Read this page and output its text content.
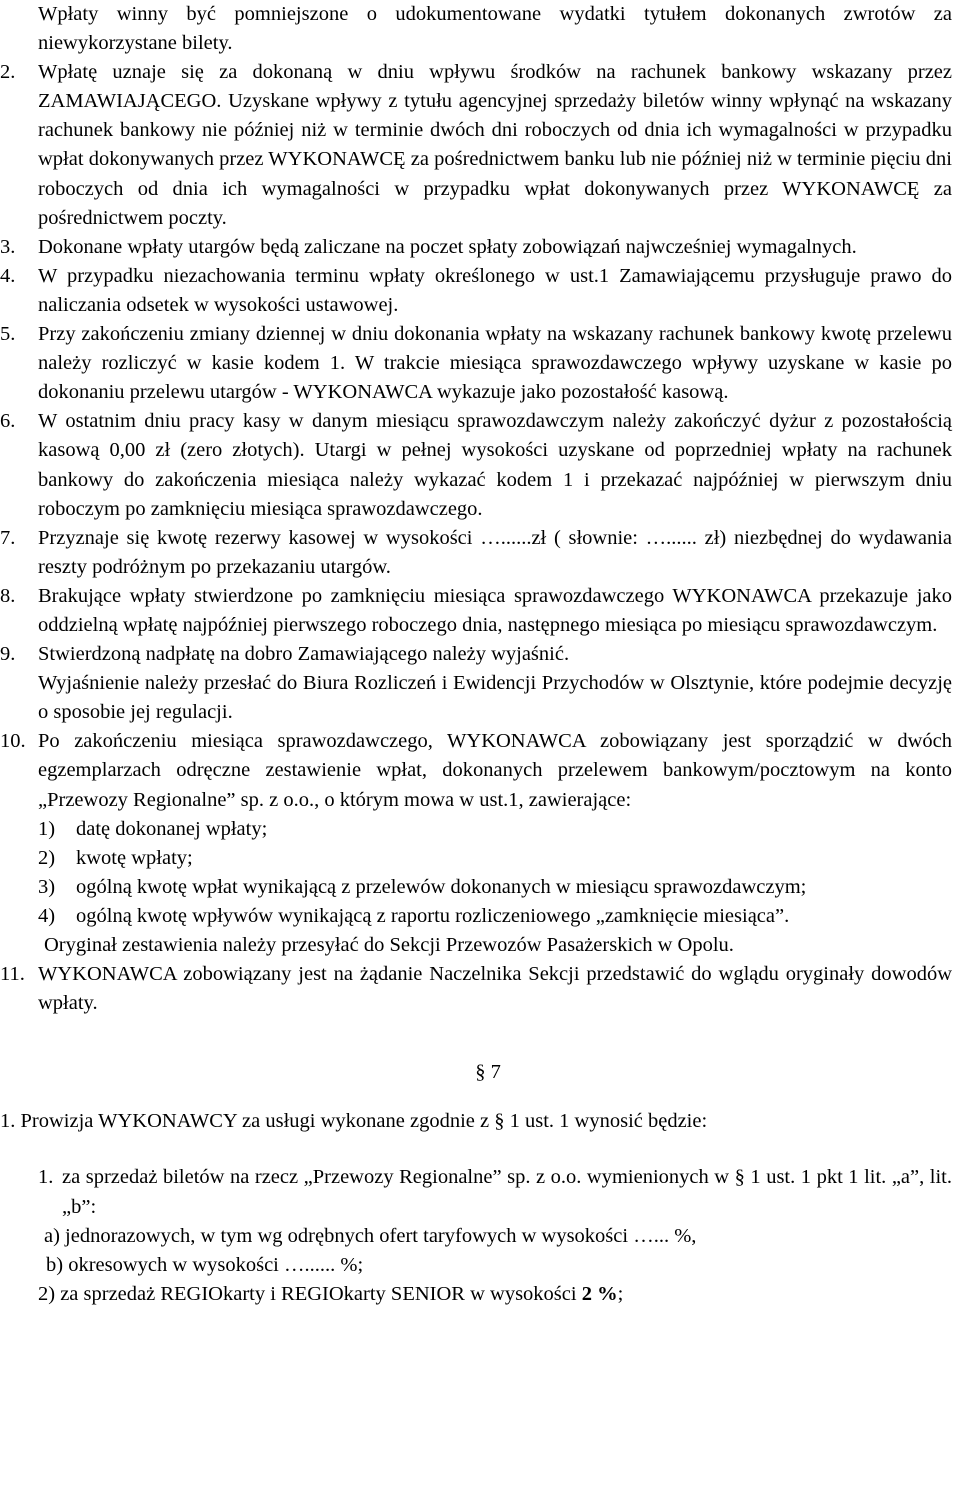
Wpłaty winny być pomniejszone o udokumentowane wydatki tytułem dokonanych zwrotów za niewykorzystane bilety.

2.	Wpłatę uznaje się za dokonaną w dniu wpływu środków na rachunek bankowy wskazany przez ZAMAWIAJĄCEGO. Uzyskane wpływy z tytułu agencyjnej sprzedaży biletów winny wpłynąć na wskazany rachunek bankowy nie później niż w terminie dwóch dni roboczych od dnia ich wymagalności w przypadku wpłat dokonywanych przez WYKONAWCĘ za pośrednictwem banku lub nie później niż w terminie pięciu dni roboczych od dnia ich wymagalności w przypadku wpłat dokonywanych przez WYKONAWCĘ za pośrednictwem poczty.
3.	Dokonane wpłaty utargów będą zaliczane na poczet spłaty zobowiązań najwcześniej wymagalnych.
4.	W przypadku niezachowania terminu wpłaty określonego w ust.1 Zamawiającemu przysługuje prawo do naliczania odsetek w wysokości ustawowej.
5.	Przy zakończeniu zmiany dziennej w dniu dokonania wpłaty na wskazany rachunek bankowy kwotę przelewu należy rozliczyć w kasie kodem 1. W trakcie miesiąca sprawozdawczego wpływy uzyskane w kasie po dokonaniu przelewu utargów - WYKONAWCA wykazuje jako pozostałość kasową.
6.	W ostatnim dniu pracy kasy w danym miesiącu sprawozdawczym należy zakończyć dyżur z pozostałością kasową 0,00 zł (zero złotych). Utargi w pełnej wysokości uzyskane od poprzedniej wpłaty na rachunek bankowy do zakończenia miesiąca należy wykazać kodem 1 i przekazać najpóźniej w pierwszym dniu roboczym po zamknięciu miesiąca sprawozdawczego.
7.	Przyznaje się kwotę rezerwy kasowej w wysokości …......zł ( słownie: …...... zł) niezbędnej do wydawania reszty podróżnym po przekazaniu utargów.
8.	Brakujące wpłaty stwierdzone po zamknięciu miesiąca sprawozdawczego WYKONAWCA przekazuje jako oddzielną wpłatę najpóźniej pierwszego roboczego dnia, następnego miesiąca po miesiącu sprawozdawczym.
9.	Stwierdzoną nadpłatę na dobro Zamawiającego należy wyjaśnić.

Wyjaśnienie należy przesłać do Biura Rozliczeń i Ewidencji Przychodów w Olsztynie, które podejmie decyzję o sposobie jej regulacji.

10. Po zakończeniu miesiąca sprawozdawczego, WYKONAWCA zobowiązany jest sporządzić w dwóch egzemplarzach odręczne zestawienie wpłat, dokonanych przelewem bankowym/pocztowym na konto „Przewozy Regionalne” sp. z o.o., o którym mowa w ust.1, zawierające:
1)	datę dokonanej wpłaty;
2)	kwotę wpłaty;
3)	ogólną kwotę wpłat wynikającą z przelewów dokonanych w miesiącu sprawozdawczym;
4)	ogólną kwotę wpływów wynikającą z raportu rozliczeniowego „zamknięcie miesiąca”.

Oryginał zestawienia należy przesyłać do Sekcji Przewozów Pasażerskich w Opolu.

11. WYKONAWCA zobowiązany jest na żądanie Naczelnika Sekcji przedstawić do wglądu oryginały dowodów wpłaty.
§ 7

1. Prowizja WYKONAWCY za usługi wykonane zgodnie z § 1 ust. 1 wynosić będzie:

1. za sprzedaż biletów na rzecz „Przewozy Regionalne” sp. z o.o. wymienionych w § 1 ust. 1 pkt 1 lit. „a”, lit. „b”:

a) jednorazowych, w tym wg odrębnych ofert taryfowych w wysokości …... %,

b) okresowych w wysokości …...... %;

2) za sprzedaż REGIOkarty i REGIOkarty SENIOR w wysokości 2 %;
